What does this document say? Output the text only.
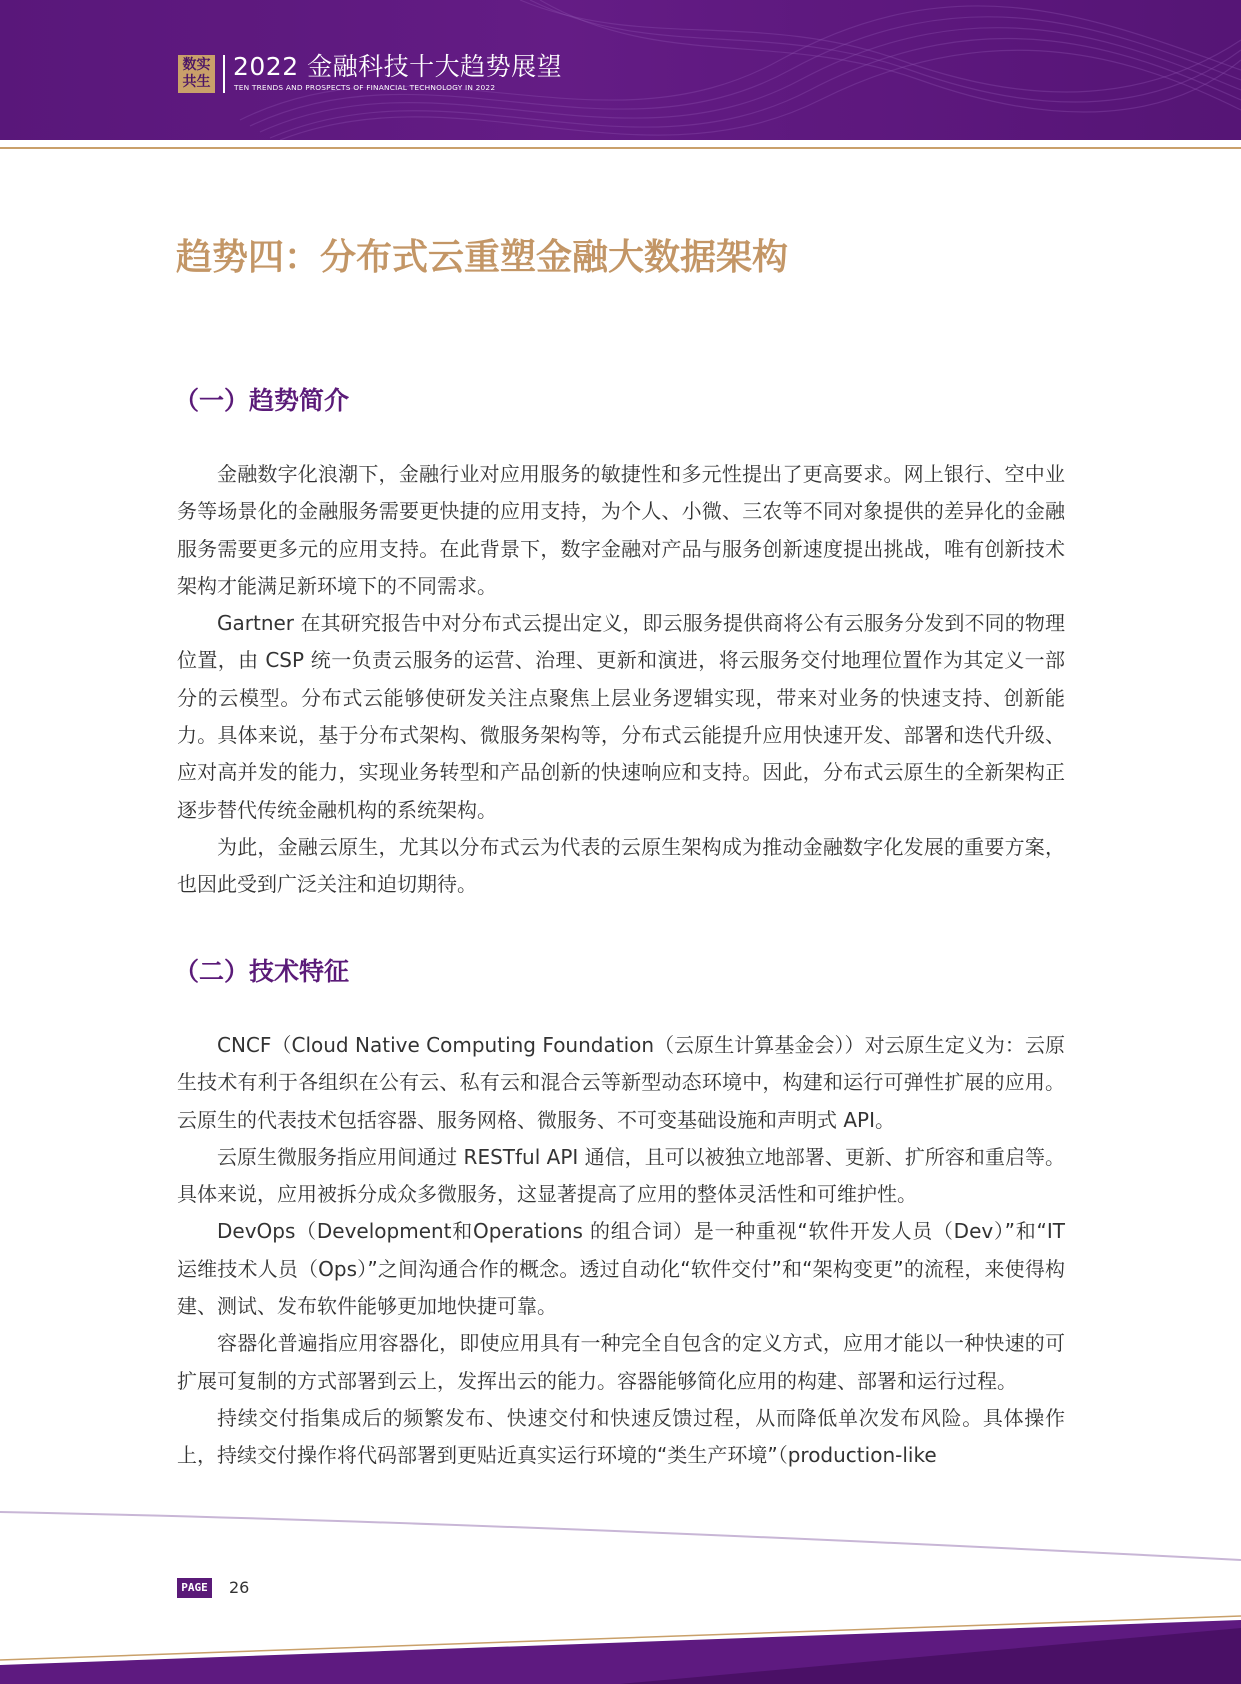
数实
共生
2022 金融科技十大趋势展望
TEN TRENDS AND PROSPECTS OF FINANCIAL TECHNOLOGY IN 2022
趋势四：分布式云重塑金融大数据架构
（一）趋势简介

金融数字化浪潮下，金融行业对应用服务的敏捷性和多元性提出了更高要求。网上银行、空中业务等场景化的金融服务需要更快捷的应用支持，为个人、小微、三农等不同对象提供的差异化的金融服务需要更多元的应用支持。在此背景下，数字金融对产品与服务创新速度提出挑战，唯有创新技术架构才能满足新环境下的不同需求。

Gartner 在其研究报告中对分布式云提出定义，即云服务提供商将公有云服务分发到不同的物理位置，由 CSP 统一负责云服务的运营、治理、更新和演进，将云服务交付地理位置作为其定义一部分的云模型。分布式云能够使研发关注点聚焦上层业务逻辑实现，带来对业务的快速支持、创新能力。具体来说，基于分布式架构、微服务架构等，分布式云能提升应用快速开发、部署和迭代升级、应对高并发的能力，实现业务转型和产品创新的快速响应和支持。因此，分布式云原生的全新架构正逐步替代传统金融机构的系统架构。

为此，金融云原生，尤其以分布式云为代表的云原生架构成为推动金融数字化发展的重要方案，也因此受到广泛关注和迫切期待。

（二）技术特征

CNCF（Cloud Native Computing Foundation（云原生计算基金会））对云原生定义为：云原生技术有利于各组织在公有云、私有云和混合云等新型动态环境中，构建和运行可弹性扩展的应用。云原生的代表技术包括容器、服务网格、微服务、不可变基础设施和声明式 API。

云原生微服务指应用间通过 RESTful API 通信，且可以被独立地部署、更新、扩所容和重启等。具体来说，应用被拆分成众多微服务，这显著提高了应用的整体灵活性和可维护性。

DevOps（Development和Operations 的组合词）是一种重视“软件开发人员（Dev）”和“IT 运维技术人员（Ops）”之间沟通合作的概念。透过自动化“软件交付”和“架构变更”的流程，来使得构建、测试、发布软件能够更加地快捷可靠。

容器化普遍指应用容器化，即使应用具有一种完全自包含的定义方式，应用才能以一种快速的可扩展可复制的方式部署到云上，发挥出云的能力。容器能够简化应用的构建、部署和运行过程。

持续交付指集成后的频繁发布、快速交付和快速反馈过程，从而降低单次发布风险。具体操作上，持续交付操作将代码部署到更贴近真实运行环境的“类生产环境”（production-like

PAGE 26
